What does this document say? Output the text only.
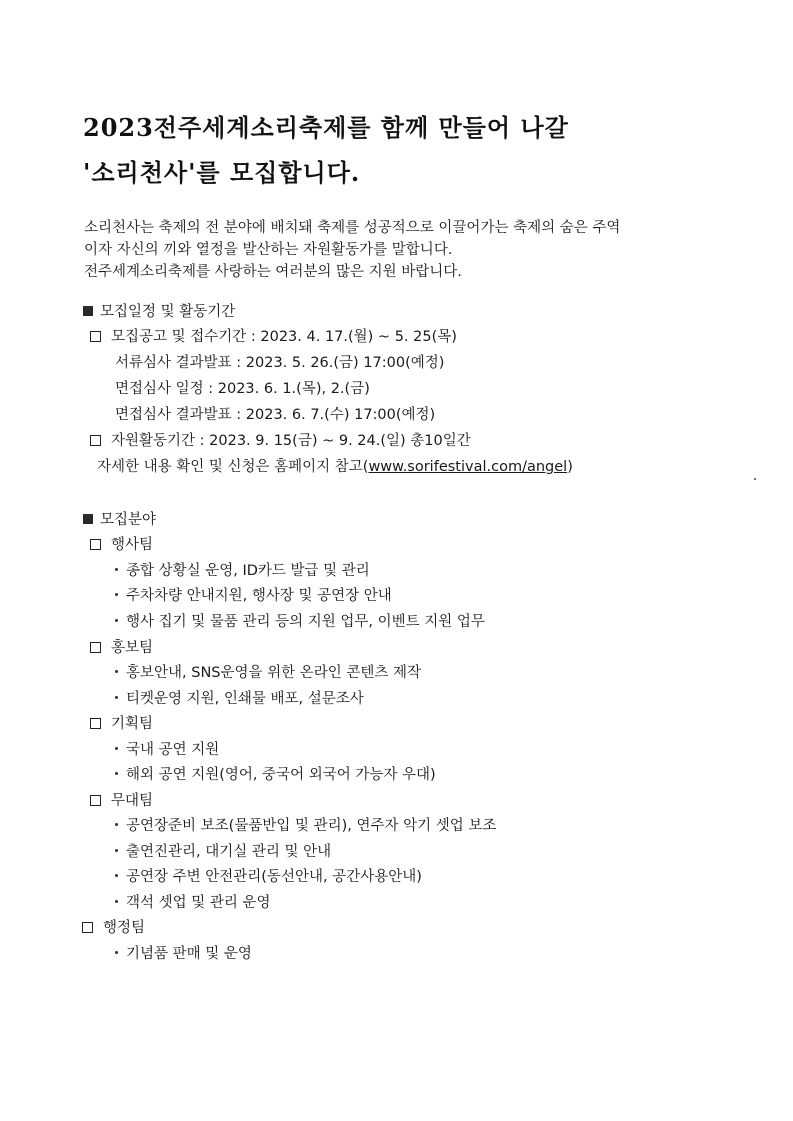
2023전주세계소리축제를 함께 만들어 나갈
'소리천사'를 모집합니다.
소리천사는 축제의 전 분야에 배치돼 축제를 성공적으로 이끌어가는 축제의 숨은 주역
이자 자신의 끼와 열정을 발산하는 자원활동가를 말합니다.
전주세계소리축제를 사랑하는 여러분의 많은 지원 바랍니다.
모집일정 및 활동기간
모집공고 및 접수기간 : 2023. 4. 17.(월) ~ 5. 25(목)
서류심사 결과발표 : 2023. 5. 26.(금) 17:00(예정)
면접심사 일정 : 2023. 6. 1.(목), 2.(금)
면접심사 결과발표 : 2023. 6. 7.(수) 17:00(예정)
자원활동기간 : 2023. 9. 15(금) ~ 9. 24.(일) 총10일간
자세한 내용 확인 및 신청은 홈페이지 참고(www.sorifestival.com/angel)
모집분야
행사팀
종합 상황실 운영, ID카드 발급 및 관리
주차차량 안내지원, 행사장 및 공연장 안내
행사 집기 및 물품 관리 등의 지원 업무, 이벤트 지원 업무
홍보팀
홍보안내, SNS운영을 위한 온라인 콘텐츠 제작
티켓운영 지원, 인쇄물 배포, 설문조사
기획팀
국내 공연 지원
해외 공연 지원(영어, 중국어 외국어 가능자 우대)
무대팀
공연장준비 보조(물품반입 및 관리), 연주자 악기 셋업 보조
출연진관리, 대기실 관리 및 안내
공연장 주변 안전관리(동선안내, 공간사용안내)
객석 셋업 및 관리 운영
행정팀
기념품 판매 및 운영
